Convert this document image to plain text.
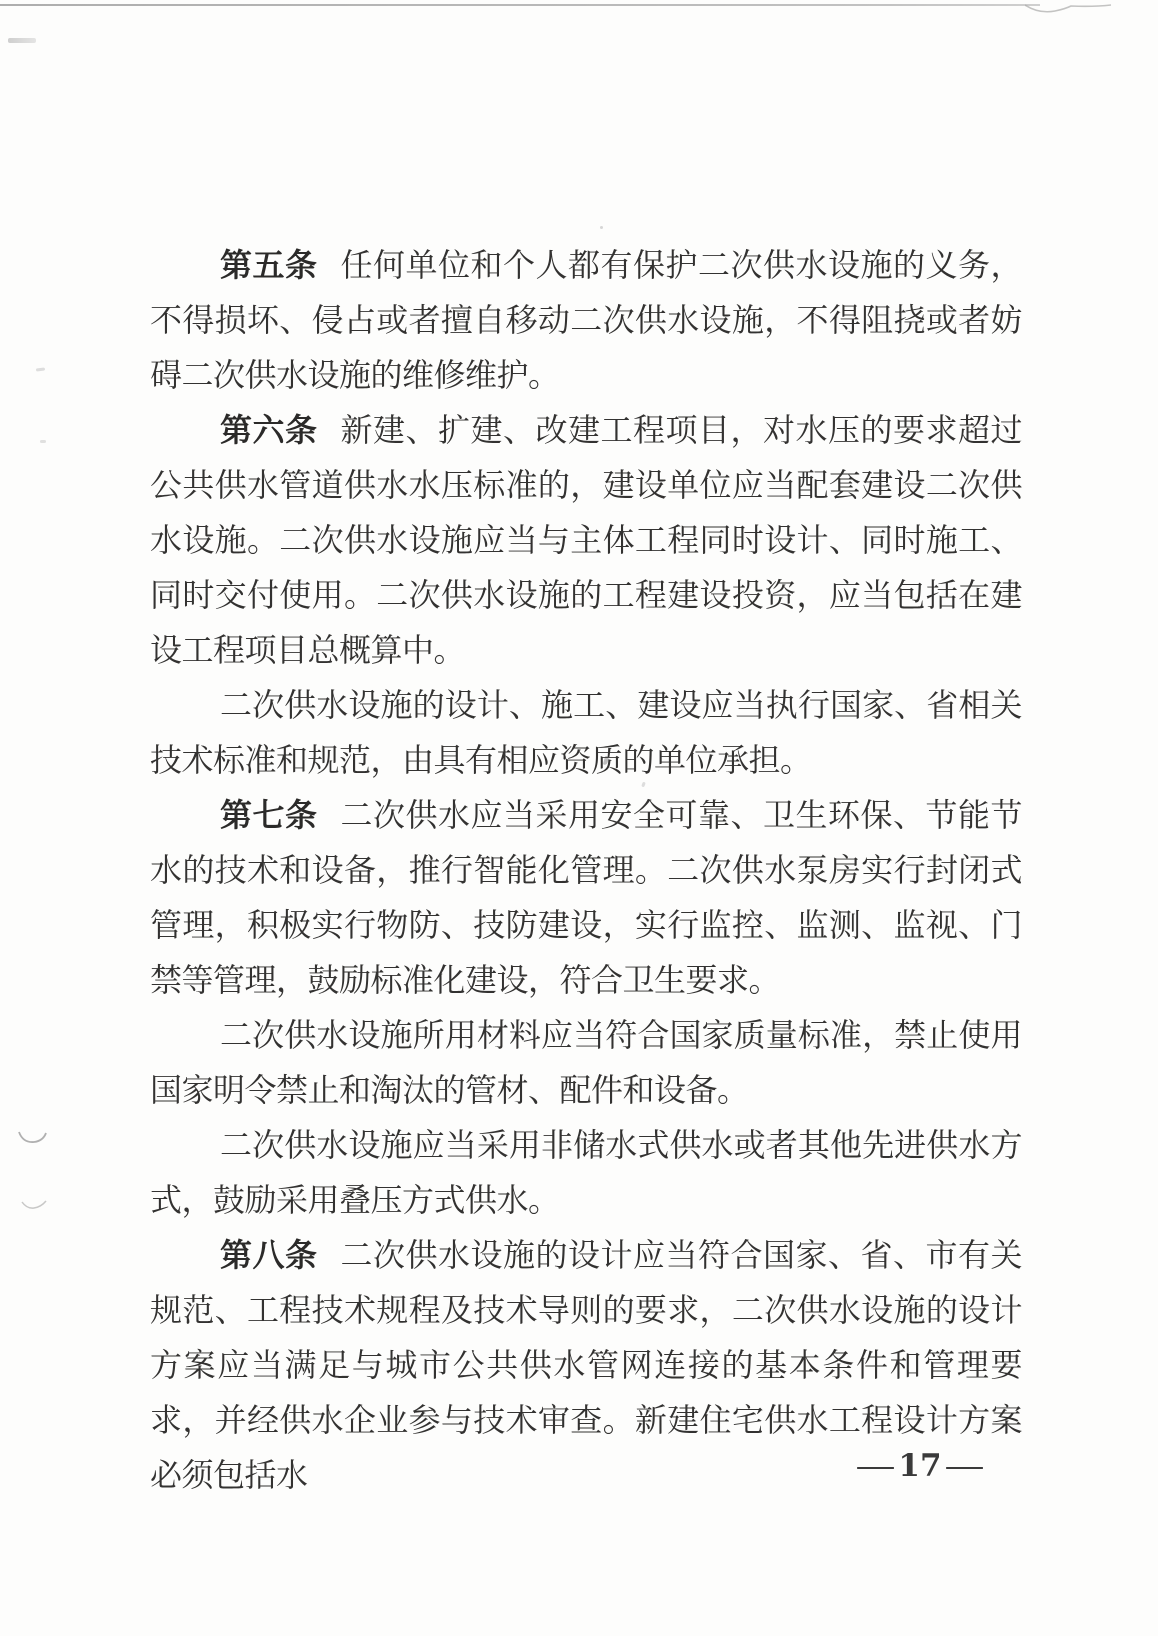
第五条 任何单位和个人都有保护二次供水设施的义务，不得损坏、侵占或者擅自移动二次供水设施，不得阻挠或者妨碍二次供水设施的维修维护。

第六条 新建、扩建、改建工程项目，对水压的要求超过公共供水管道供水水压标准的，建设单位应当配套建设二次供水设施。二次供水设施应当与主体工程同时设计、同时施工、同时交付使用。二次供水设施的工程建设投资，应当包括在建设工程项目总概算中。

二次供水设施的设计、施工、建设应当执行国家、省相关技术标准和规范，由具有相应资质的单位承担。

第七条 二次供水应当采用安全可靠、卫生环保、节能节水的技术和设备，推行智能化管理。二次供水泵房实行封闭式管理，积极实行物防、技防建设，实行监控、监测、监视、门禁等管理，鼓励标准化建设，符合卫生要求。

二次供水设施所用材料应当符合国家质量标准，禁止使用国家明令禁止和淘汰的管材、配件和设备。

二次供水设施应当采用非储水式供水或者其他先进供水方式，鼓励采用叠压方式供水。

第八条 二次供水设施的设计应当符合国家、省、市有关规范、工程技术规程及技术导则的要求，二次供水设施的设计方案应当满足与城市公共供水管网连接的基本条件和管理要求，并经供水企业参与技术审查。新建住宅供水工程设计方案必须包括水	— 17 —
